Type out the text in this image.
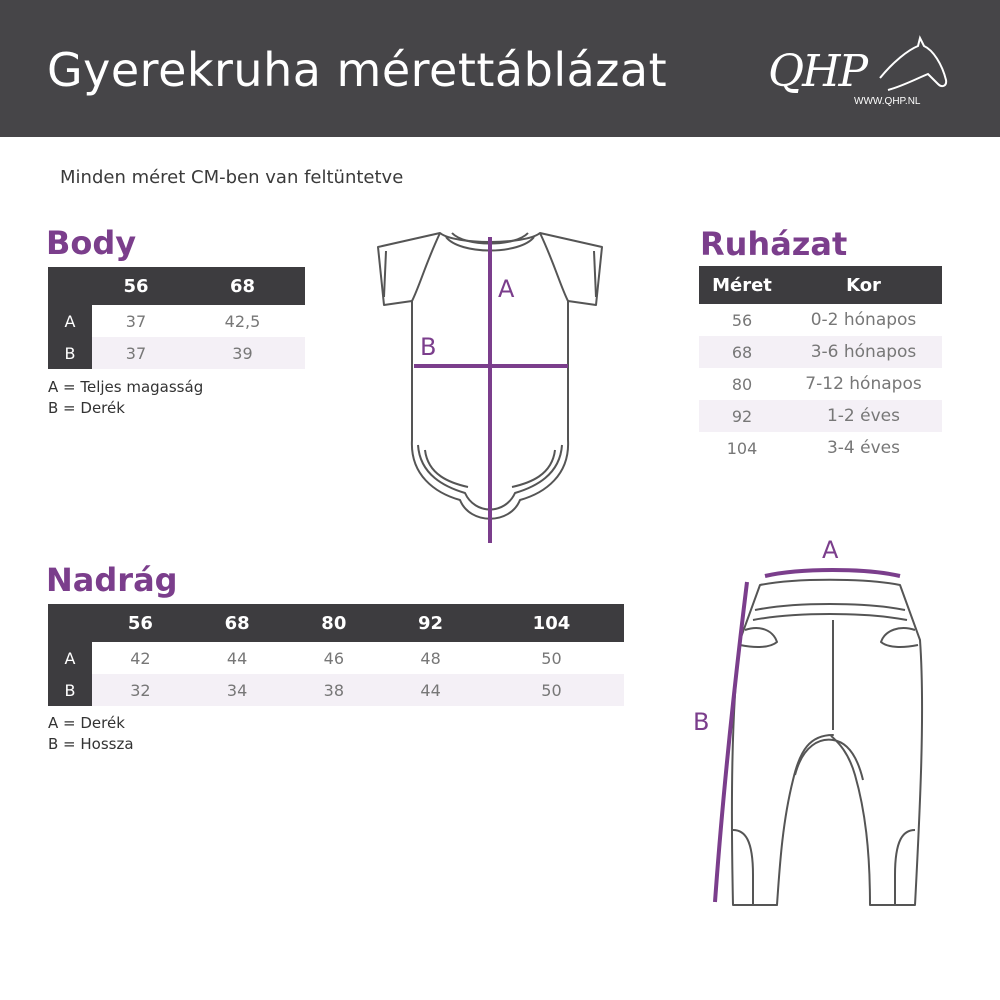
Gyerekruha mérettáblázat QHP
WWW.QHP.NL
Minden méret CM-ben van feltüntetve
Body
	56	68
A	37	42,5
B	37	39
A = Teljes magasság
B = Derék
A
B
Ruházat
Méret	Kor
56	0-2 hónapos
68	3-6 hónapos
80	7-12 hónapos
92	1-2 éves
104	3-4 éves
Nadrág
	56	68	80	92	104
A	42	44	46	48	50
B	32	34	38	44	50
A = Derék
B = Hossza
A
B
